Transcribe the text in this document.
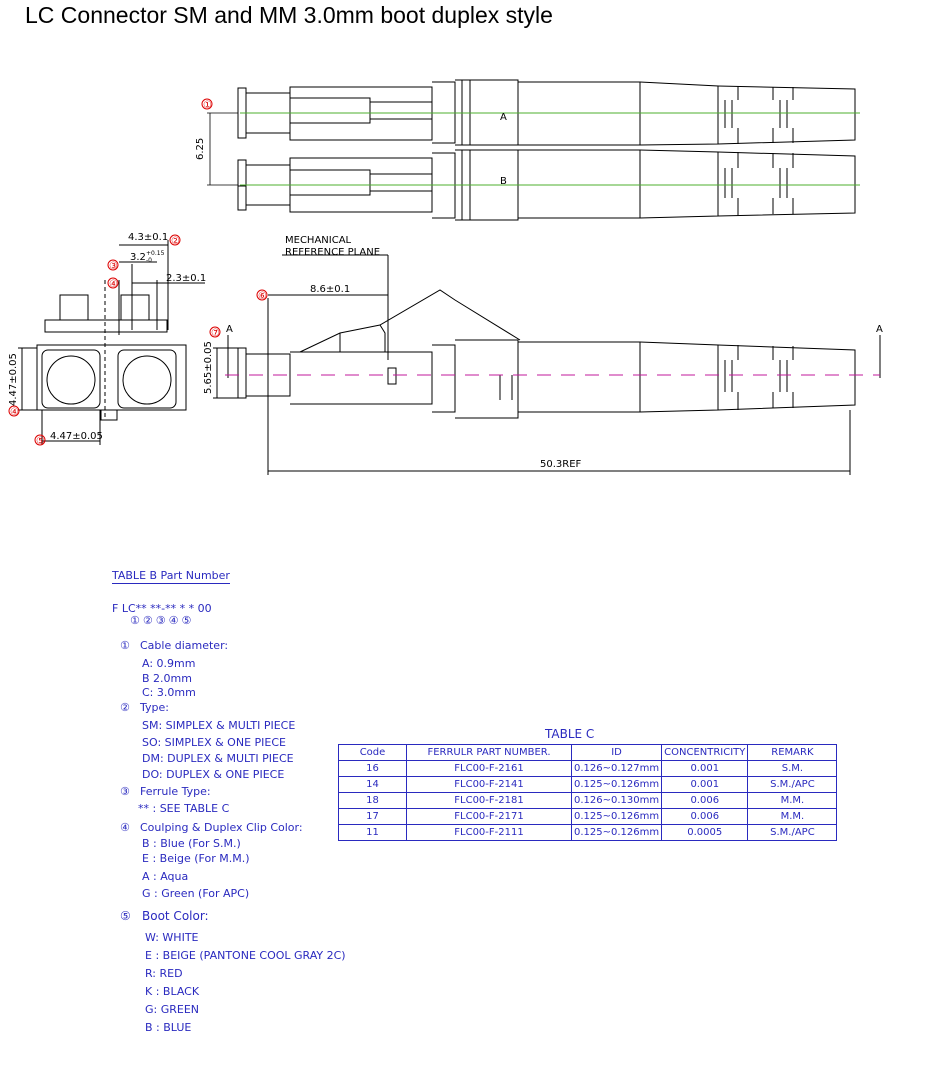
LC Connector SM and MM 3.0mm boot duplex style
6.25
A
B
①
4.3±0.1
3.2 +0.15
-0
2.3±0.1
4.47±0.05
4.47±0.05
②
③
④
④
⑤
MECHANICAL
REFERENCE PLANE
8.6±0.1
5.65±0.05
50.3REF
A	A
⑥
⑦
TABLE B Part Number
F LC** **-** * * 00
①②③④⑤
① Cable diameter:
A: 0.9mm
B 2.0mm
C: 3.0mm
② Type:
SM: SIMPLEX & MULTI PIECE
SO: SIMPLEX & ONE PIECE
DM: DUPLEX & MULTI PIECE
DO: DUPLEX & ONE PIECE
③ Ferrule Type:
** : SEE TABLE C
④ Coulping & Duplex Clip Color:
B : Blue (For S.M.)
E : Beige (For M.M.)
A : Aqua
G : Green (For APC)
⑤ Boot Color:
W: WHITE
E : BEIGE (PANTONE COOL GRAY 2C)
R: RED
K : BLACK
G: GREEN
B : BLUE
TABLE C
Code	FERRULR PART NUMBER.	ID	CONCENTRICITY	REMARK
16	FLC00-F-2161	0.126~0.127mm	0.001	S.M.
14	FLC00-F-2141	0.125~0.126mm	0.001	S.M./APC
18	FLC00-F-2181	0.126~0.130mm	0.006	M.M.
17	FLC00-F-2171	0.125~0.126mm	0.006	M.M.
11	FLC00-F-2111	0.125~0.126mm	0.0005	S.M./APC
